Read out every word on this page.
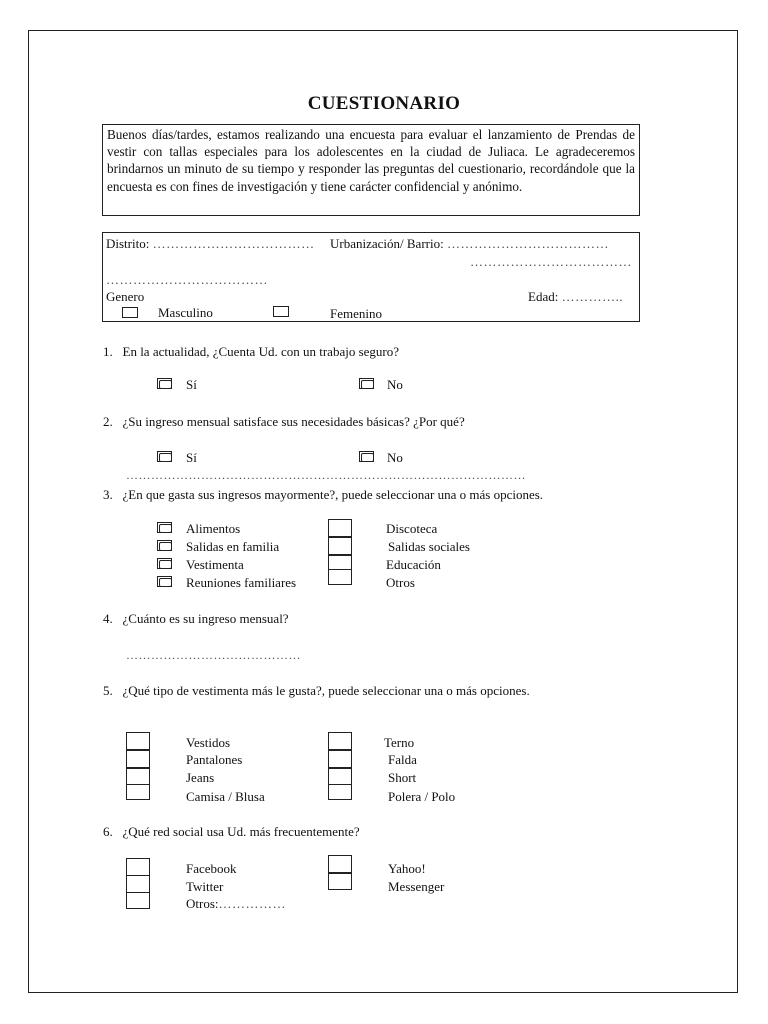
CUESTIONARIO
Buenos días/tardes, estamos realizando una encuesta para evaluar el lanzamiento de Prendas de vestir con tallas especiales para los adolescentes en la ciudad de Juliaca. Le agradeceremos brindarnos un minuto de su tiempo y responder las preguntas del cuestionario, recordándole que la encuesta es con fines de investigación y tiene carácter confidencial y anónimo.
Distrito: ……………………………… Urbanización/ Barrio: ………………………………
………………………………
………………………………
Genero	Edad: …………..
Masculino	Femenino
1. En la actualidad, ¿Cuenta Ud. con un trabajo seguro?
Sí	No
2. ¿Su ingreso mensual satisface sus necesidades básicas? ¿Por qué?
Sí	No
……………………………………………………………………………………
3. ¿En que gasta sus ingresos mayormente?, puede seleccionar una o más opciones.
Alimentos
Salidas en familia
Vestimenta
Reuniones familiares
Discoteca
Salidas sociales
Educación
Otros
4. ¿Cuánto es su ingreso mensual?
……………………………………
5. ¿Qué tipo de vestimenta más le gusta?, puede seleccionar una o más opciones.
Vestidos
Pantalones
Jeans
Camisa / Blusa
Terno
Falda
Short
Polera / Polo
6. ¿Qué red social usa Ud. más frecuentemente?
Facebook
Twitter
Otros:……………
Yahoo!
Messenger
